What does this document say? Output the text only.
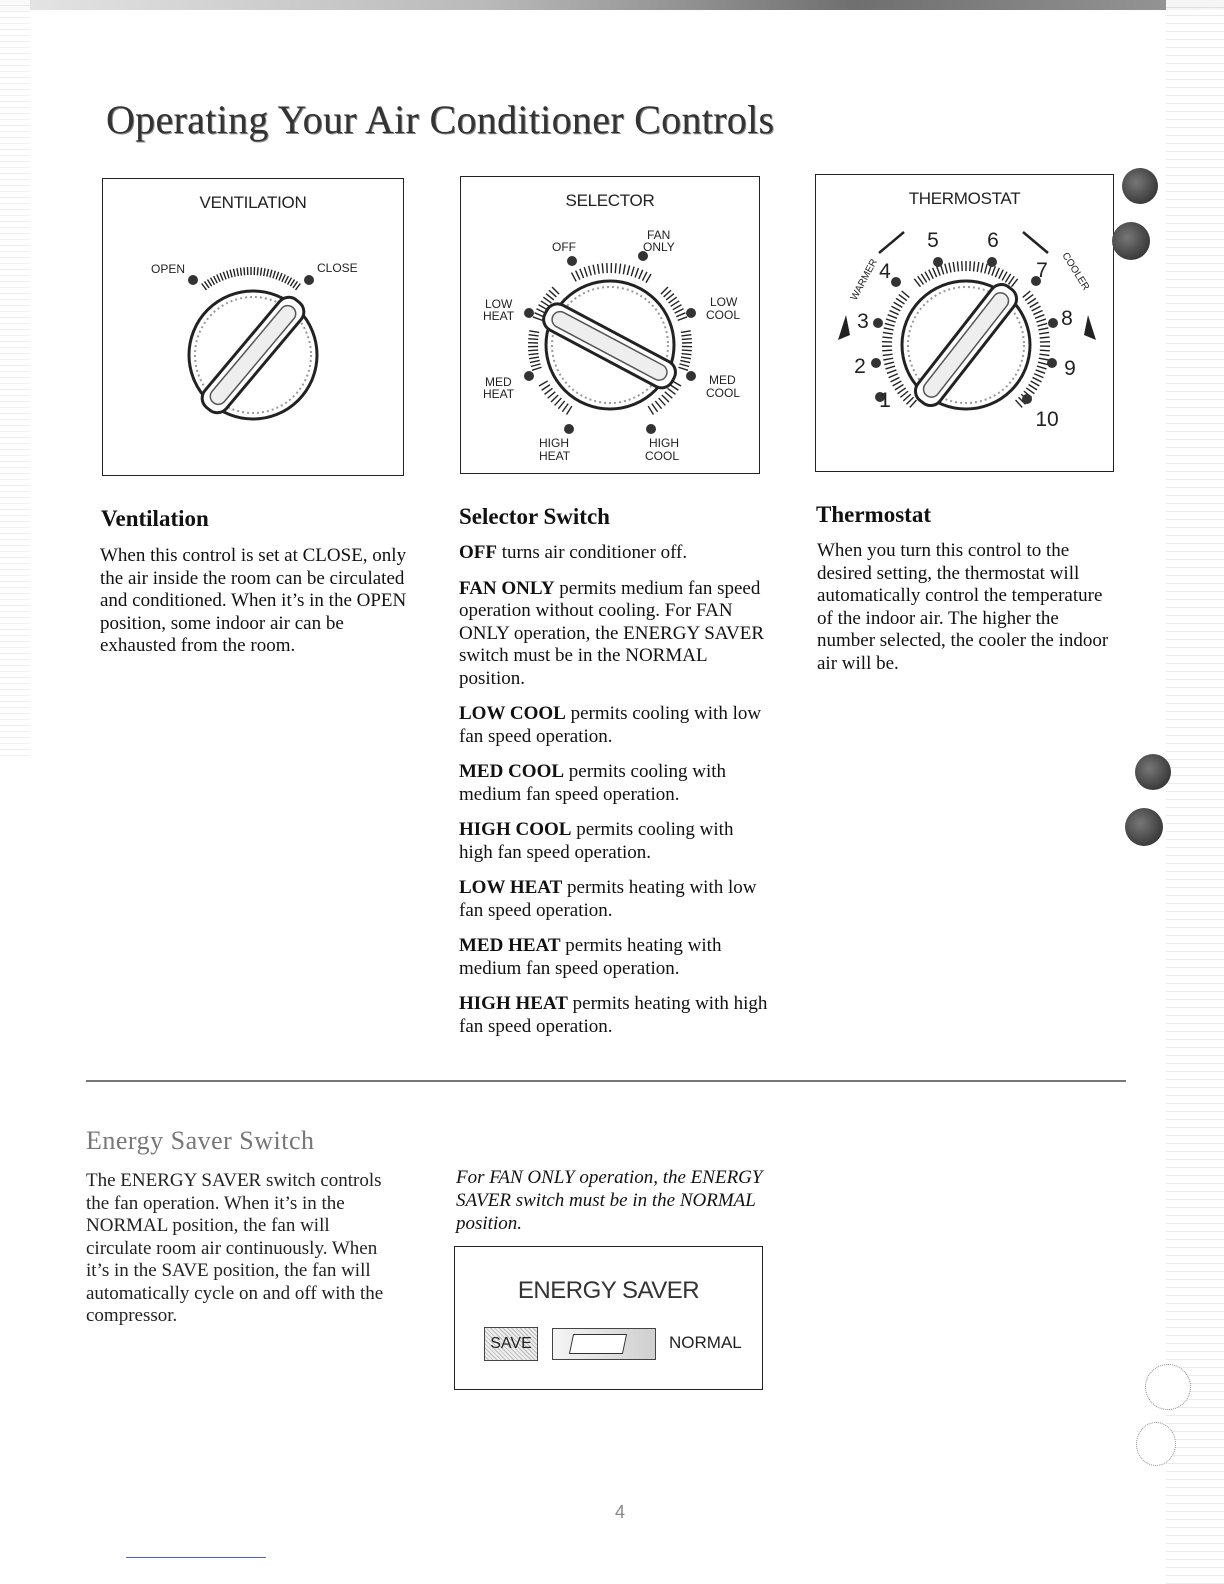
Operating Your Air Conditioner Controls
VENTILATION
OPEN	CLOSE
SELECTOR
OFF
FAN
ONLY
LOW
HEAT
LOW
COOL
MED
HEAT
MED
COOL
HIGH
HEAT
HIGH
COOL
THERMOSTAT
1
2
3
4
5 6
7
8
9
10
WARMER	COOLER
Ventilation

When this control is set at CLOSE, only the air inside the room can be circulated and conditioned. When it’s in the OPEN position, some indoor air can be exhausted from the room.

Selector Switch

OFF turns air conditioner off.

FAN ONLY permits medium fan speed operation without cooling. For FAN ONLY operation, the ENERGY SAVER switch must be in the NORMAL position.

LOW COOL permits cooling with low fan speed operation.

MED COOL permits cooling with medium fan speed operation.

HIGH COOL permits cooling with high fan speed operation.

LOW HEAT permits heating with low fan speed operation.

MED HEAT permits heating with medium fan speed operation.

HIGH HEAT permits heating with high fan speed operation.

Thermostat

When you turn this control to the desired setting, the thermostat will automatically control the temperature of the indoor air. The higher the number selected, the cooler the indoor air will be.

Energy Saver Switch

The ENERGY SAVER switch controls the fan operation. When it’s in the NORMAL position, the fan will circulate room air continuously. When it’s in the SAVE position, the fan will automatically cycle on and off with the compressor.

For FAN ONLY operation, the ENERGY SAVER switch must be in the NORMAL position.

ENERGY SAVER
SAVE	NORMAL
4
